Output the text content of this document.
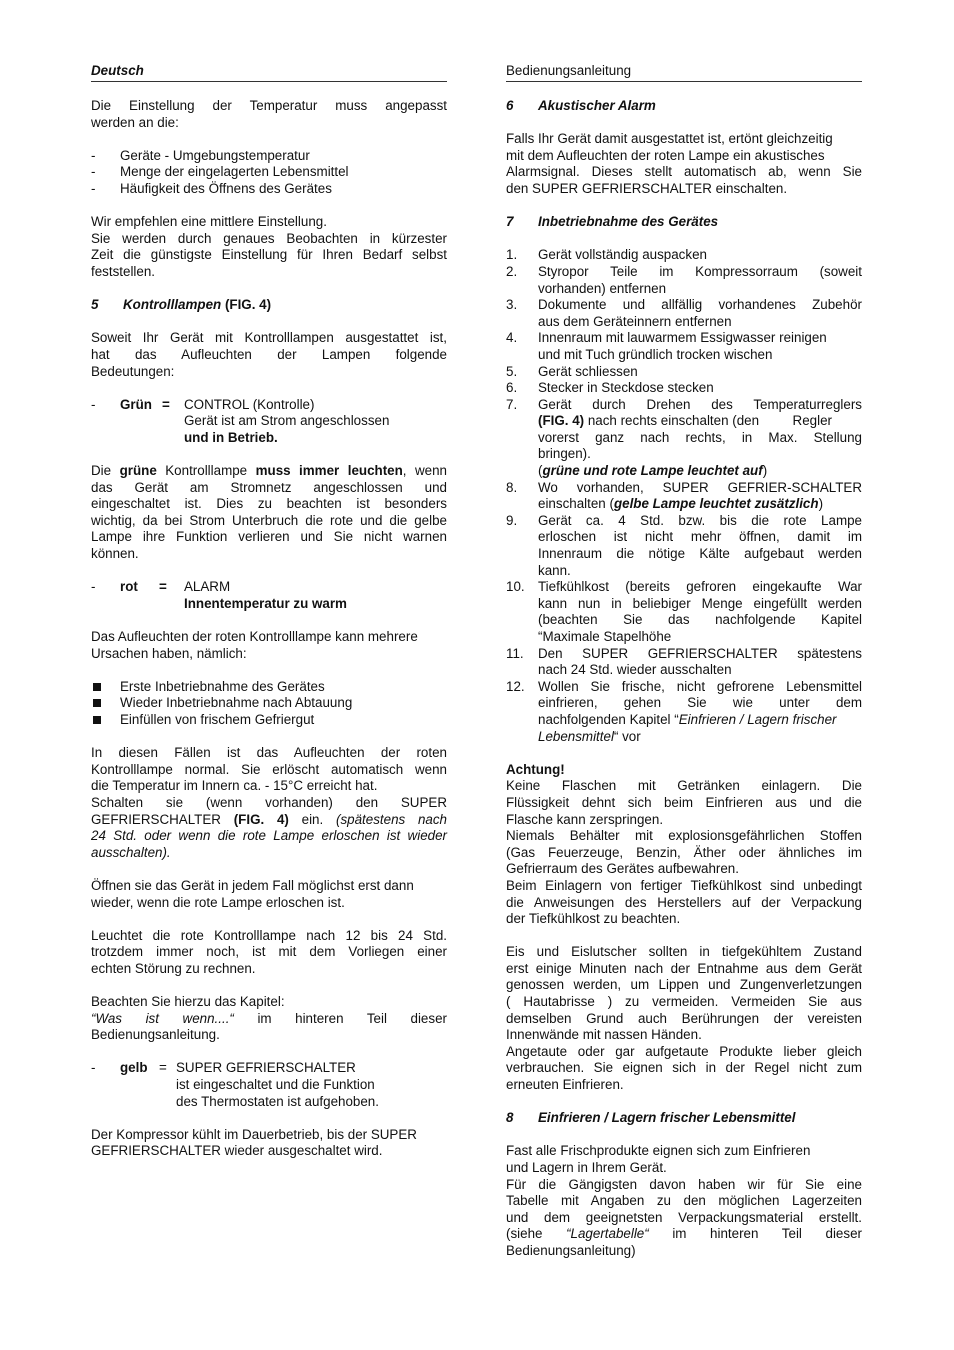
Deutsch

Die Einstellung der Temperatur muss angepasst
werden an die:

- Geräte - Umgebungstemperatur
- Menge der eingelagerten Lebensmittel
- Häufigkeit des Öffnens des Gerätes

Wir empfehlen eine mittlere Einstellung.
Sie werden durch genaues Beobachten in kürzester
Zeit die günstigste Einstellung für Ihren Bedarf selbst
feststellen.

5 Kontrolllampen (FIG. 4)

Soweit Ihr Gerät mit Kontrolllampen ausgestattet ist,
hat das Aufleuchten der Lampen folgende
Bedeutungen:

- Grün = CONTROL (Kontrolle)
Gerät ist am Strom angeschlossen
und in Betrieb.

Die grüne Kontrolllampe muss immer leuchten, wenn
das Gerät am Stromnetz angeschlossen und
eingeschaltet ist. Dies zu beachten ist besonders
wichtig, da bei Strom Unterbruch die rote und die gelbe
Lampe ihre Funktion verlieren und Sie nicht warnen
können.

- rot = ALARM
Innentemperatur zu warm

Das Aufleuchten der roten Kontrolllampe kann mehrere
Ursachen haben, nämlich:

Erste Inbetriebnahme des Gerätes
Wieder Inbetriebnahme nach Abtauung
Einfüllen von frischem Gefriergut

In diesen Fällen ist das Aufleuchten der roten
Kontrolllampe normal. Sie erlöscht automatisch wenn
die Temperatur im Innern ca. - 15°C erreicht hat.
Schalten sie (wenn vorhanden) den SUPER
GEFRIERSCHALTER (FIG. 4) ein. (spätestens nach
24 Std. oder wenn die rote Lampe erloschen ist wieder
ausschalten).

Öffnen sie das Gerät in jedem Fall möglichst erst dann
wieder, wenn die rote Lampe erloschen ist.

Leuchtet die rote Kontrolllampe nach 12 bis 24 Std.
trotzdem immer noch, ist mit dem Vorliegen einer
echten Störung zu rechnen.

Beachten Sie hierzu das Kapitel:
“Was ist wenn....“ im hinteren Teil dieser
Bedienungsanleitung.

- gelb = SUPER GEFRIERSCHALTER
ist eingeschaltet und die Funktion
des Thermostaten ist aufgehoben.

Der Kompressor kühlt im Dauerbetrieb, bis der SUPER
GEFRIERSCHALTER wieder ausgeschaltet wird.

Bedienungsanleitung
6 Akustischer Alarm

Falls Ihr Gerät damit ausgestattet ist, ertönt gleichzeitig
mit dem Aufleuchten der roten Lampe ein akustisches
Alarmsignal. Dieses stellt automatisch ab, wenn Sie
den SUPER GEFRIERSCHALTER einschalten.

7 Inbetriebnahme des Gerätes
1. Gerät vollständig auspacken
2. Styropor Teile im Kompressorraum (soweit
vorhanden) entfernen
3. Dokumente und allfällig vorhandenes Zubehör
aus dem Geräteinnern entfernen
4. Innenraum mit lauwarmem Essigwasser reinigen
und mit Tuch gründlich trocken wischen
5. Gerät schliessen
6. Stecker in Steckdose stecken
7. Gerät durch Drehen des Temperaturreglers
(FIG. 4) nach rechts einschalten (den         Regler
vorerst ganz nach rechts, in Max. Stellung
bringen).
(grüne und rote Lampe leuchtet auf)
8. Wo vorhanden, SUPER GEFRIER-SCHALTER
einschalten (gelbe Lampe leuchtet zusätzlich)
9. Gerät ca. 4 Std. bzw. bis die rote Lampe
erloschen ist nicht mehr öffnen, damit im
Innenraum die nötige Kälte aufgebaut werden
kann.
10. Tiefkühlkost (bereits gefroren eingekaufte War
kann nun in beliebiger Menge eingefüllt werden
(beachten Sie das nachfolgende Kapitel
“Maximale Stapelhöhe
11. Den SUPER GEFRIERSCHALTER spätestens
nach 24 Std. wieder ausschalten
12. Wollen Sie frische, nicht gefrorene Lebensmittel
einfrieren, gehen Sie wie unter dem
nachfolgenden Kapitel “Einfrieren / Lagern frischer
Lebensmittel“ vor
Achtung!
Keine Flaschen mit Getränken einlagern. Die
Flüssigkeit dehnt sich beim Einfrieren aus und die
Flasche kann zerspringen.
Niemals Behälter mit explosionsgefährlichen Stoffen
(Gas Feuerzeuge, Benzin, Äther oder ähnliches im
Gefrierraum des Gerätes aufbewahren.
Beim Einlagern von fertiger Tiefkühlkost sind unbedingt
die Anweisungen des Herstellers auf der Verpackung
der Tiefkühlkost zu beachten.

Eis und Eislutscher sollten in tiefgekühltem Zustand
erst einige Minuten nach der Entnahme aus dem Gerät
genossen werden, um Lippen und Zungenverletzungen
( Hautabrisse ) zu vermeiden. Vermeiden Sie aus
demselben Grund auch Berührungen der vereisten
Innenwände mit nassen Händen.
Angetaute oder gar aufgetaute Produkte lieber gleich
verbrauchen. Sie eignen sich in der Regel nicht zum
erneuten Einfrieren.

8 Einfrieren / Lagern frischer Lebensmittel

Fast alle Frischprodukte eignen sich zum Einfrieren
und Lagern in Ihrem Gerät.
Für die Gängigsten davon haben wir für Sie eine
Tabelle mit Angaben zu den möglichen Lagerzeiten
und dem geeignetsten Verpackungsmaterial erstellt.
(siehe “Lagertabelle“ im hinteren Teil dieser
Bedienungsanleitung)
